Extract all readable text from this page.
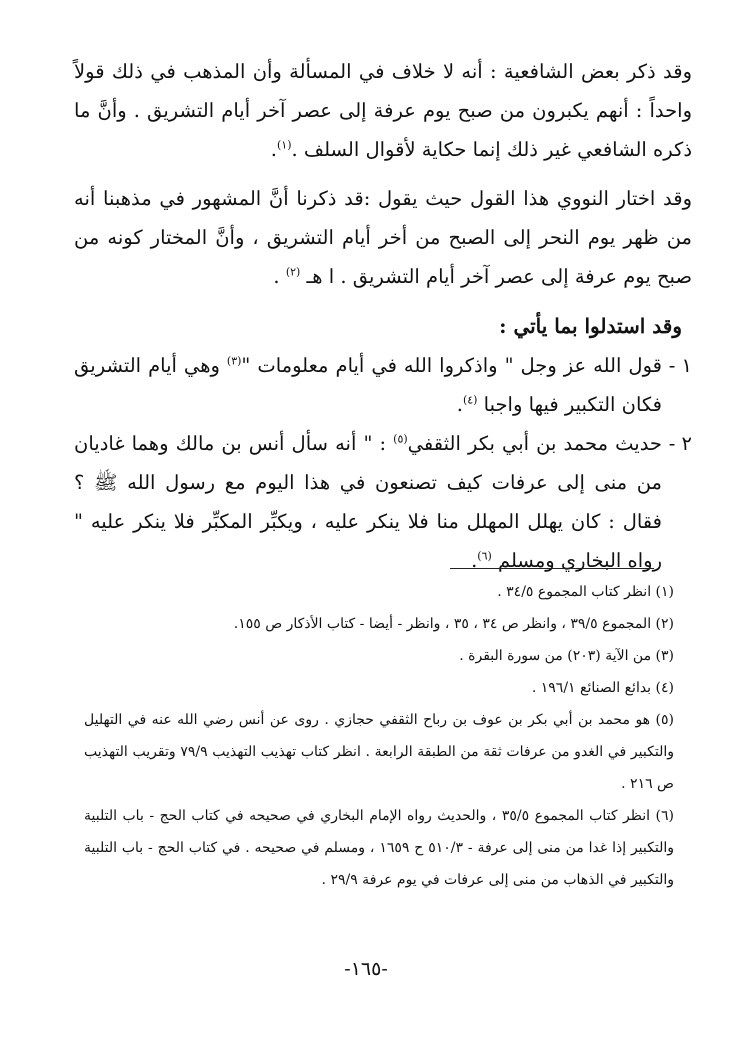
وقد ذكر بعض الشافعية : أنه لا خلاف في المسألة وأن المذهب في ذلك قولاً واحداً : أنهم يكبرون من صبح يوم عرفة إلى عصر آخر أيام التشريق . وأنَّ ما ذكره الشافعي غير ذلك إنما حكاية لأقوال السلف .$^{(١)}$.

وقد اختار النووي هذا القول حيث يقول :قد ذكرنا أنَّ المشهور في مذهبنا أنه من ظهر يوم النحر إلى الصبح من أخر أيام التشريق ، وأنَّ المختار كونه من صبح يوم عرفة إلى عصر آخر أيام التشريق . ا هـ $^{(٢)}$ .

وقد استدلوا بما يأتي :

١ -
قول الله عز وجل " واذكروا الله في أيام معلومات "$^{(٣)}$ وهي أيام التشريق فكان التكبير فيها واجبا $^{(٤)}$.

٢ -
حديث محمد بن أبي بكر الثقفي$^{(٥)}$ : " أنه سأل أنس بن مالك وهما غاديان من منى إلى عرفات كيف تصنعون في هذا اليوم مع رسول الله ﷺ ؟ فقال : كان يهلل المهلل منا فلا ينكر عليه ، ويكبِّر المكبِّر فلا ينكر عليه " رواه البخاري ومسلم $^{(٦)}$.

(١) انظر كتاب المجموع ٣٤/٥ .

(٢) المجموع ٣٩/٥ ، وانظر ص ٣٤ ، ٣٥ ، وانظر - أيضا - كتاب الأذكار ص ١٥٥.

(٣) من الآية (٢٠٣) من سورة البقرة .

(٤) بدائع الصنائع ١٩٦/١ .

(٥) هو محمد بن أبي بكر بن عوف بن رباح الثقفي حجازي . روى عن أنس رضي الله عنه في التهليل والتكبير في الغدو من عرفات ثقة من الطبقة الرابعة . انظر كتاب تهذيب التهذيب ٧٩/٩ وتقريب التهذيب ص ٢١٦ .

(٦) انظر كتاب المجموع ٣٥/٥ ، والحديث رواه الإمام البخاري في صحيحه في كتاب الحج - باب التلبية والتكبير إذا غدا من منى إلى عرفة - ٥١٠/٣ ح ١٦٥٩ ، ومسلم في صحيحه . في كتاب الحج - باب التلبية والتكبير في الذهاب من منى إلى عرفات في يوم عرفة ٢٩/٩ .

-١٦٥-
